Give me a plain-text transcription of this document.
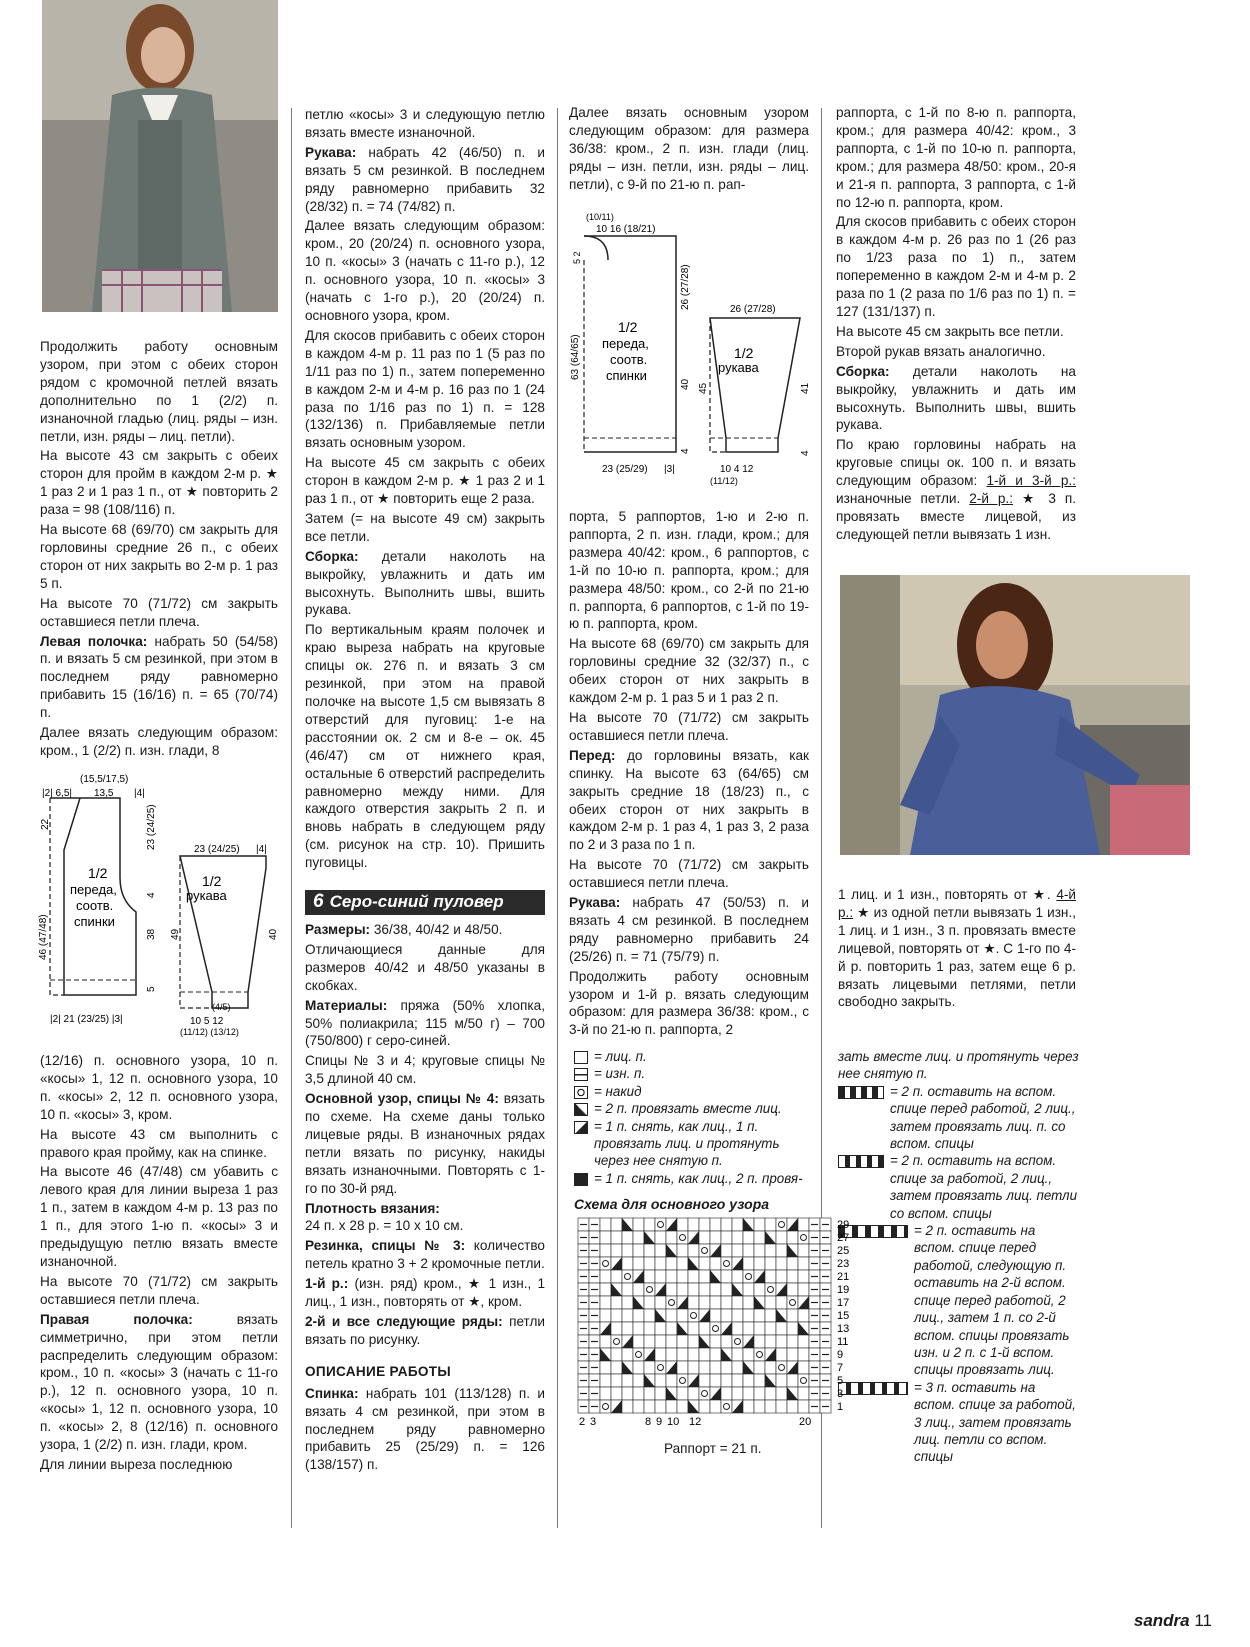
Продолжить работу основным узором, при этом с обеих сторон рядом с кромочной петлей вязать дополнительно по 1 (2/2) п. изнаночной гладью (лиц. ряды – изн. петли, изн. ряды – лиц. петли).

На высоте 43 см закрыть с обеих сторон для пройм в каждом 2-м р. ★ 1 раз 2 и 1 раз 1 п., от ★ повторить 2 раза = 98 (108/116) п.

На высоте 68 (69/70) см закрыть для горловины средние 26 п., с обеих сторон от них закрыть во 2-м р. 1 раз 5 п.

На высоте 70 (71/72) см закрыть оставшиеся петли плеча.

Левая полочка: набрать 50 (54/58) п. и вязать 5 см резинкой, при этом в последнем ряду равномерно прибавить 15 (16/16) п. = 65 (70/74) п.

Далее вязать следующим образом: кром., 1 (2/2) п. изн. глади, 8

(15,5/17,5)
|2| 6,5| 13,5 |4|
1/2
переда,
соотв.
спинки
22	23 (24/25)
4
46 (47/48)	38
5
|2| 21 (23/25) |3|
23 (24/25) |4|
1/2
рукава
49	40
(4/5)
10 5 12
(11/12) (13/12)

(12/16) п. основного узора, 10 п. «косы» 1, 12 п. основного узора, 10 п. «косы» 2, 12 п. основного узора, 10 п. «косы» 3, кром.

На высоте 43 см выполнить с правого края пройму, как на спинке.

На высоте 46 (47/48) см убавить с левого края для линии выреза 1 раз 1 п., затем в каждом 4-м р. 13 раз по 1 п., для этого 1-ю п. «косы» 3 и предыдущую петлю вязать вместе изнаночной.

На высоте 70 (71/72) см закрыть оставшиеся петли плеча.

Правая полочка: вязать симметрично, при этом петли распределить следующим образом: кром., 10 п. «косы» 3 (начать с 11-го р.), 12 п. основного узора, 10 п. «косы» 1, 12 п. основного узора, 10 п. «косы» 2, 8 (12/16) п. основного узора, 1 (2/2) п. изн. глади, кром.

Для линии выреза последнюю

петлю «косы» 3 и следующую петлю вязать вместе изнаночной.

Рукава: набрать 42 (46/50) п. и вязать 5 см резинкой. В последнем ряду равномерно прибавить 32 (28/32) п. = 74 (74/82) п.

Далее вязать следующим образом: кром., 20 (20/24) п. основного узора, 10 п. «косы» 3 (начать с 11-го р.), 12 п. основного узора, 10 п. «косы» 3 (начать с 1-го р.), 20 (20/24) п. основного узора, кром.

Для скосов прибавить с обеих сторон в каждом 4-м р. 11 раз по 1 (5 раз по 1/11 раз по 1) п., затем попеременно в каждом 2-м и 4-м р. 16 раз по 1 (24 раза по 1/16 раз по 1) п. = 128 (132/136) п. Прибавляемые петли вязать основным узором.

На высоте 45 см закрыть с обеих сторон в каждом 2-м р. ★ 1 раз 2 и 1 раз 1 п., от ★ повторить еще 2 раза.

Затем (= на высоте 49 см) закрыть все петли.

Сборка: детали наколоть на выкройку, увлажнить и дать им высохнуть. Выполнить швы, вшить рукава.

По вертикальным краям полочек и краю выреза набрать на круговые спицы ок. 276 п. и вязать 3 см резинкой, при этом на правой полочке на высоте 1,5 см вывязать 8 отверстий для пуговиц: 1-е на расстоянии ок. 2 см и 8-е – ок. 45 (46/47) см от нижнего края, остальные 6 отверстий распределить равномерно между ними. Для каждого отверстия закрыть 2 п. и вновь набрать в следующем ряду (см. рисунок на стр. 10). Пришить пуговицы.

6 Серо-синий пуловер

Размеры: 36/38, 40/42 и 48/50.

Отличающиеся данные для размеров 40/42 и 48/50 указаны в скобках.

Материалы: пряжа (50% хлопка, 50% полиакрила; 115 м/50 г) – 700 (750/800) г серо-синей.

Спицы № 3 и 4; круговые спицы № 3,5 длиной 40 см.

Основной узор, спицы № 4: вязать по схеме. На схеме даны только лицевые ряды. В изнаночных рядах петли вязать по рисунку, накиды вязать изнаночными. Повторять с 1-го по 30-й ряд.

Плотность вязания:

24 п. х 28 р. = 10 х 10 см.

Резинка, спицы № 3: количество петель кратно 3 + 2 кромочные петли.

1-й р.: (изн. ряд) кром., ★ 1 изн., 1 лиц., 1 изн., повторять от ★, кром.

2-й и все следующие ряды: петли вязать по рисунку.

ОПИСАНИЕ РАБОТЫ

Спинка: набрать 101 (113/128) п. и вязать 4 см резинкой, при этом в последнем ряду равномерно прибавить 25 (25/29) п. = 126 (138/157) п.

Далее вязать основным узором следующим образом: для размера 36/38: кром., 2 п. изн. глади (лиц. ряды – изн. петли, изн. ряды – лиц. петли), с 9-й по 21-ю п. рап-

(10/11)
10 16 (18/21)
1/2
переда,
соотв.
спинки
5 2
26 (27/28)
63 (64/65)
40
4
23 (25/29) |3|
26 (27/28)
1/2
рукава
45	41
4
10 4 12
(11/12)

порта, 5 раппортов, 1-ю и 2-ю п. раппорта, 2 п. изн. глади, кром.; для размера 40/42: кром., 6 раппортов, с 1-й по 10-ю п. раппорта, кром.; для размера 48/50: кром., со 2-й по 21-ю п. раппорта, 6 раппортов, с 1-й по 19-ю п. раппорта, кром.

На высоте 68 (69/70) см закрыть для горловины средние 32 (32/37) п., с обеих сторон от них закрыть в каждом 2-м р. 1 раз 5 и 1 раз 2 п.

На высоте 70 (71/72) см закрыть оставшиеся петли плеча.

Перед: до горловины вязать, как спинку. На высоте 63 (64/65) см закрыть средние 18 (18/23) п., с обеих сторон от них закрыть в каждом 2-м р. 1 раз 4, 1 раз 3, 2 раза по 2 и 3 раза по 1 п.

На высоте 70 (71/72) см закрыть оставшиеся петли плеча.

Рукава: набрать 47 (50/53) п. и вязать 4 см резинкой. В последнем ряду равномерно прибавить 24 (25/26) п. = 71 (75/79) п.

Продолжить работу основным узором и 1-й р. вязать следующим образом: для размера 36/38: кром., с 3-й по 21-ю п. раппорта, 2

раппорта, с 1-й по 8-ю п. раппорта, кром.; для размера 40/42: кром., 3 раппорта, с 1-й по 10-ю п. раппорта, кром.; для размера 48/50: кром., 20-я и 21-я п. раппорта, 3 раппорта, с 1-й по 12-ю п. раппорта, кром.

Для скосов прибавить с обеих сторон в каждом 4-м р. 26 раз по 1 (26 раз по 1/23 раза по 1) п., затем попеременно в каждом 2-м и 4-м р. 2 раза по 1 (2 раза по 1/6 раз по 1) п. = 127 (131/137) п.

На высоте 45 см закрыть все петли.

Второй рукав вязать аналогично.

Сборка: детали наколоть на выкройку, увлажнить и дать им высохнуть. Выполнить швы, вшить рукава.

По краю горловины набрать на круговые спицы ок. 100 п. и вязать следующим образом: 1-й и 3-й р.: изнаночные петли. 2-й р.: ★ 3 п. провязать вместе лицевой, из следующей петли вывязать 1 изн.

1 лиц. и 1 изн., повторять от ★. 4-й р.: ★ из одной петли вывязать 1 изн., 1 лиц. и 1 изн., 3 п. провязать вместе лицевой, повторять от ★. С 1-го по 4-й р. повторить 1 раз, затем еще 6 р. вязать лицевыми петлями, петли свободно закрыть.

= лиц. п.
= изн. п.
= накид
= 2 п. провязать вместе лиц.
= 1 п. снять, как лиц., 1 п. провязать лиц. и протянуть через нее снятую п.
= 1 п. снять, как лиц., 2 п. провя-
зать вместе лиц. и протянуть через нее снятую п.
= 2 п. оставить на вспом. спице перед работой, 2 лиц., затем провязать лиц. п. со вспом. спицы
= 2 п. оставить на вспом. спице за работой, 2 лиц., затем провязать лиц. петли со вспом. спицы
= 2 п. оставить на вспом. спице перед работой, следующую п. оставить на 2-й вспом. спице перед работой, 2 лиц., затем 1 п. со 2-й вспом. спицы провязать изн. и 2 п. с 1-й вспом. спицы провязать лиц.
= 3 п. оставить на вспом. спице за работой, 3 лиц., затем провязать лиц. петли со вспом. спицы
Схема для основного узора
29
27
25
23
21
19
17
15
13
11
9
7
5
3
1
20
12
10
9
8
3
2
Раппорт = 21 п.
sandra 11
